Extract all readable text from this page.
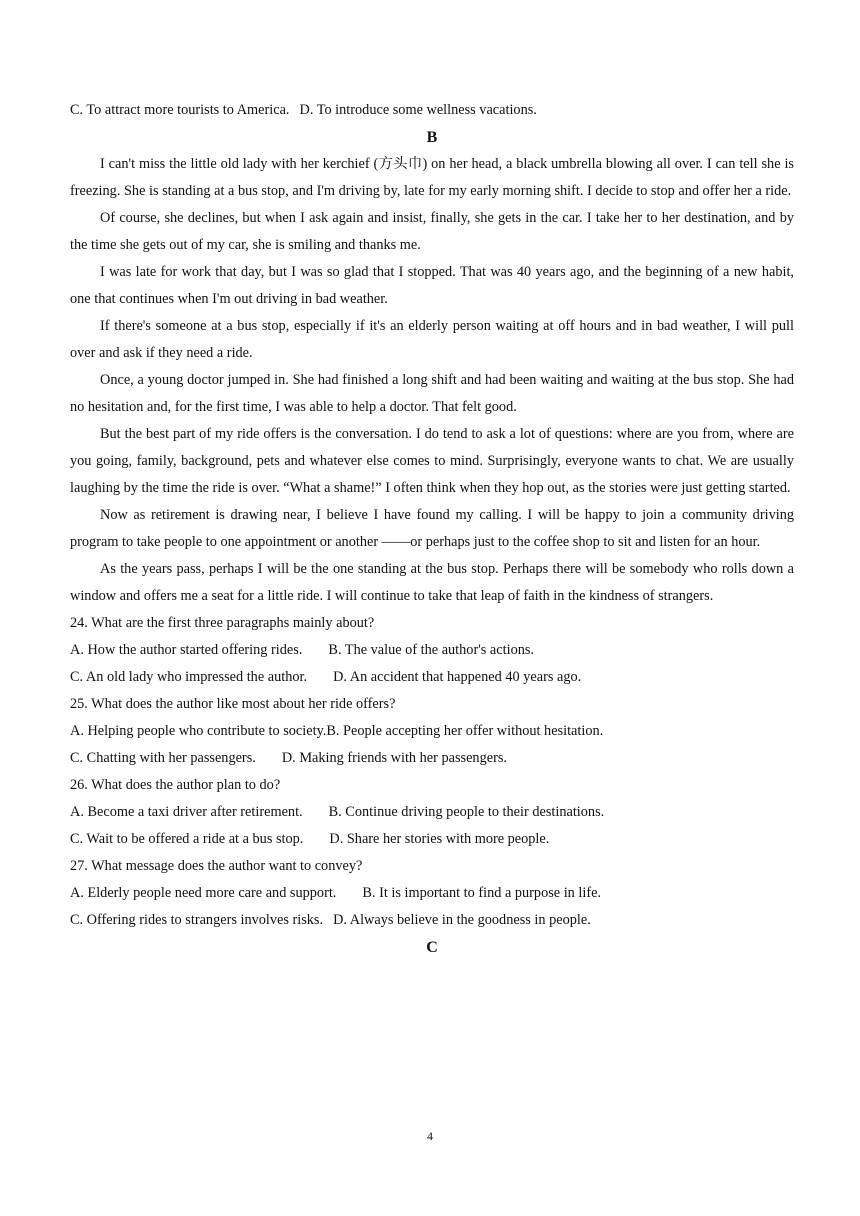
C. To attract more tourists to America. D. To introduce some wellness vacations.

B

I can't miss the little old lady with her kerchief (方头巾) on her head, a black umbrella blowing all over. I can tell she is freezing. She is standing at a bus stop, and I'm driving by, late for my early morning shift. I decide to stop and offer her a ride.

Of course, she declines, but when I ask again and insist, finally, she gets in the car. I take her to her destination, and by the time she gets out of my car, she is smiling and thanks me.

I was late for work that day, but I was so glad that I stopped. That was 40 years ago, and the beginning of a new habit, one that continues when I'm out driving in bad weather.

If there's someone at a bus stop, especially if it's an elderly person waiting at off hours and in bad weather, I will pull over and ask if they need a ride.

Once, a young doctor jumped in. She had finished a long shift and had been waiting and waiting at the bus stop. She had no hesitation and, for the first time, I was able to help a doctor. That felt good.

But the best part of my ride offers is the conversation. I do tend to ask a lot of questions: where are you from, where are you going, family, background, pets and whatever else comes to mind. Surprisingly, everyone wants to chat. We are usually laughing by the time the ride is over. “What a shame!” I often think when they hop out, as the stories were just getting started.

Now as retirement is drawing near, I believe I have found my calling. I will be happy to join a community driving program to take people to one appointment or another ——or perhaps just to the coffee shop to sit and listen for an hour.

As the years pass, perhaps I will be the one standing at the bus stop. Perhaps there will be somebody who rolls down a window and offers me a seat for a little ride. I will continue to take that leap of faith in the kindness of strangers.

24. What are the first three paragraphs mainly about?

A. How the author started offering rides. B. The value of the author's actions.

C. An old lady who impressed the author. D. An accident that happened 40 years ago.

25. What does the author like most about her ride offers?

A. Helping people who contribute to society.B. People accepting her offer without hesitation.

C. Chatting with her passengers. D. Making friends with her passengers.

26. What does the author plan to do?

A. Become a taxi driver after retirement. B. Continue driving people to their destinations.

C. Wait to be offered a ride at a bus stop. D. Share her stories with more people.

27. What message does the author want to convey?

A. Elderly people need more care and support. B. It is important to find a purpose in life.

C. Offering rides to strangers involves risks. D. Always believe in the goodness in people.

C

4
